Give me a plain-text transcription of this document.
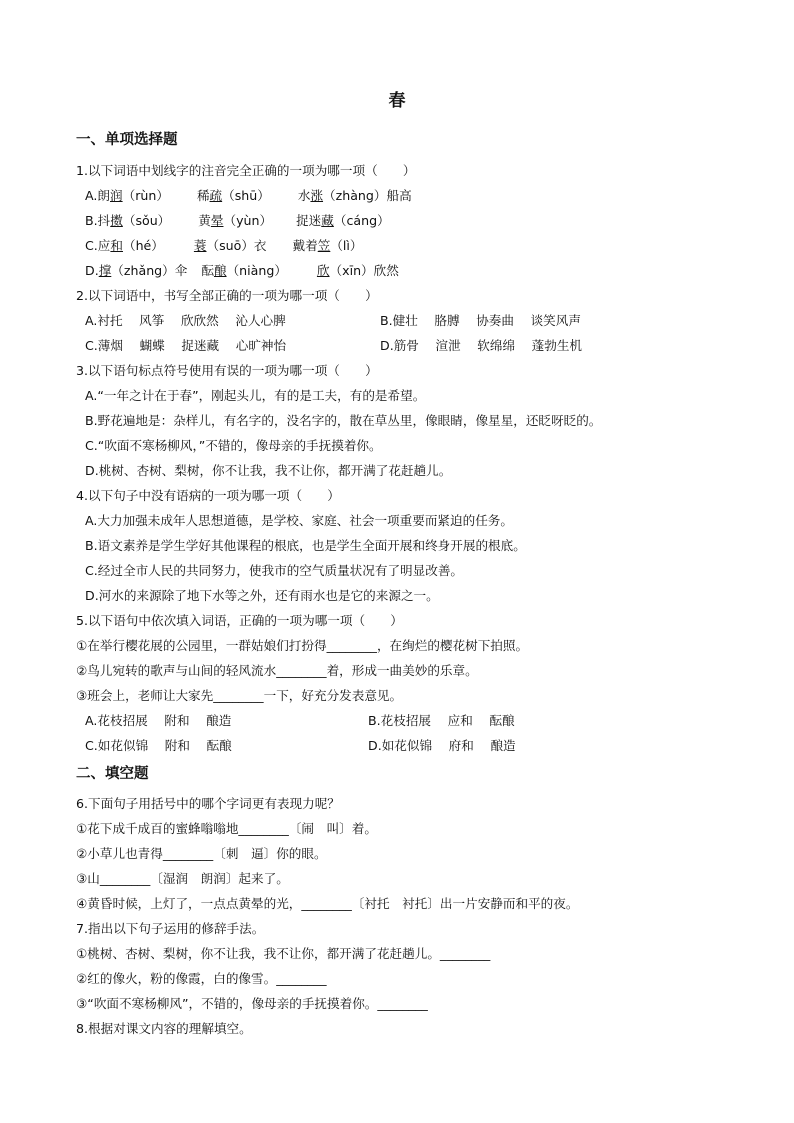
春
一、单项选择题
1.以下词语中划线字的注音完全正确的一项为哪一项（　　）
A.朗润（rùn） 稀疏（shū） 水涨（zhàng）船高
B.抖擞（sǒu） 黄晕（yùn） 捉迷藏（cáng）
C.应和（hé） 蓑（suō）衣 戴着笠（lì）
D.撑（zhǎng）伞 酝酿（niàng） 欣（xīn）欣然
2.以下词语中，书写全部正确的一项为哪一项（　　）
A.衬托　 风筝　 欣欣然　 沁人心脾	B.健壮　 胳膊　 协奏曲　 谈笑风声
C.薄烟　 蝴蝶　 捉迷藏　 心旷神怡	D.筋骨　 渲泄　 软绵绵　 蓬勃生机
3.以下语句标点符号使用有误的一项为哪一项（　　）
A.“一年之计在于春”，刚起头儿，有的是工夫，有的是希望。
B.野花遍地是：杂样儿，有名字的，没名字的，散在草丛里，像眼睛，像星星，还眨呀眨的。
C.“吹面不寒杨柳风，”不错的，像母亲的手抚摸着你。
D.桃树、杏树、梨树，你不让我，我不让你，都开满了花赶趟儿。
4.以下句子中没有语病的一项为哪一项（　　）
A.大力加强未成年人思想道德，是学校、家庭、社会一项重要而紧迫的任务。
B.语文素养是学生学好其他课程的根底，也是学生全面开展和终身开展的根底。
C.经过全市人民的共同努力，使我市的空气质量状况有了明显改善。
D.河水的来源除了地下水等之外，还有雨水也是它的来源之一。
5.以下语句中依次填入词语，正确的一项为哪一项（　　）
①在举行樱花展的公园里，一群姑娘们打扮得________，在绚烂的樱花树下拍照。
②鸟儿宛转的歌声与山间的轻风流水________着，形成一曲美妙的乐章。
③班会上，老师让大家先________一下，好充分发表意见。
A.花枝招展　 附和　 酿造	B.花枝招展　 应和　 酝酿
C.如花似锦　 附和　 酝酿	D.如花似锦　 府和　 酿造
二、填空题
6.下面句子用括号中的哪个字词更有表现力呢？
①花下成千成百的蜜蜂嗡嗡地________〔闹　叫〕着。
②小草儿也青得________〔刺　逼〕你的眼。
③山________〔湿润　朗润〕起来了。
④黄昏时候，上灯了，一点点黄晕的光，________〔衬托　衬托〕出一片安静而和平的夜。
7.指出以下句子运用的修辞手法。
①桃树、杏树、梨树，你不让我，我不让你，都开满了花赶趟儿。________
②红的像火，粉的像霞，白的像雪。________
③“吹面不寒杨柳风”，不错的，像母亲的手抚摸着你。________
8.根据对课文内容的理解填空。
